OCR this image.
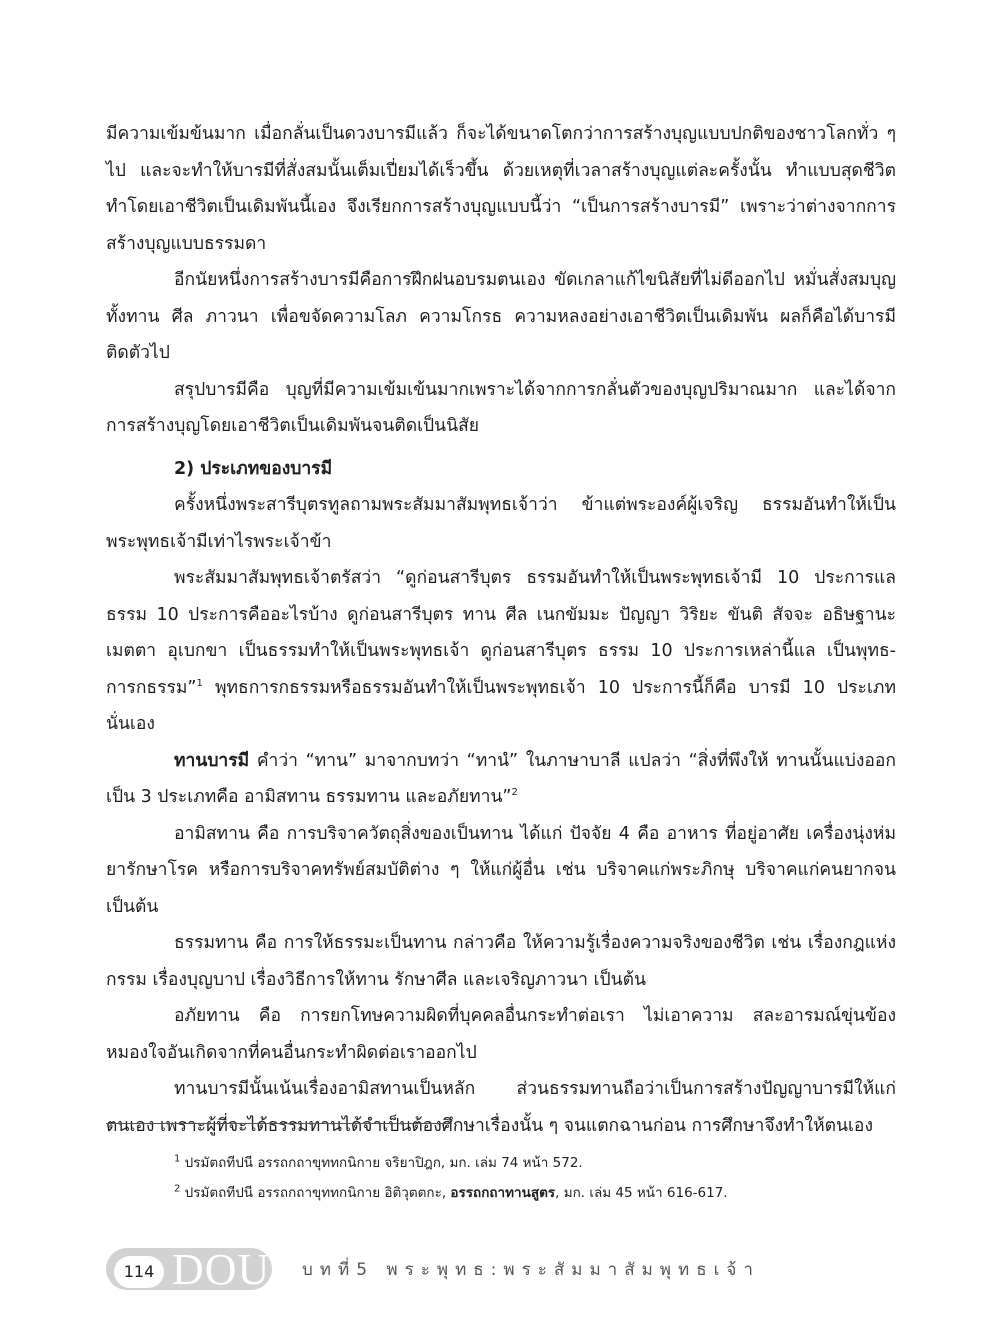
มีความเข้มข้นมาก เมื่อกลั่นเป็นดวงบารมีแล้ว ก็จะได้ขนาดโตกว่าการสร้างบุญแบบปกติของชาวโลกทั่ว ๆ ไป และจะทำให้บารมีที่สั่งสมนั้นเต็มเปี่ยมได้เร็วขึ้น ด้วยเหตุที่เวลาสร้างบุญแต่ละครั้งนั้น ทำแบบสุดชีวิต ทำโดยเอาชีวิตเป็นเดิมพันนี้เอง จึงเรียกการสร้างบุญแบบนี้ว่า “เป็นการสร้างบารมี” เพราะว่าต่างจากการสร้างบุญแบบธรรมดา

อีกนัยหนึ่งการสร้างบารมีคือการฝึกฝนอบรมตนเอง ขัดเกลาแก้ไขนิสัยที่ไม่ดีออกไป หมั่นสั่งสมบุญทั้งทาน ศีล ภาวนา เพื่อขจัดความโลภ ความโกรธ ความหลงอย่างเอาชีวิตเป็นเดิมพัน ผลก็คือได้บารมีติดตัวไป

สรุปบารมีคือ บุญที่มีความเข้มเข้นมากเพราะได้จากการกลั่นตัวของบุญปริมาณมาก และได้จากการสร้างบุญโดยเอาชีวิตเป็นเดิมพันจนติดเป็นนิสัย

2) ประเภทของบารมี

ครั้งหนึ่งพระสารีบุตรทูลถามพระสัมมาสัมพุทธเจ้าว่า ข้าแต่พระองค์ผู้เจริญ ธรรมอันทำให้เป็นพระพุทธเจ้ามีเท่าไรพระเจ้าข้า

พระสัมมาสัมพุทธเจ้าตรัสว่า “ดูก่อนสารีบุตร ธรรมอันทำให้เป็นพระพุทธเจ้ามี 10 ประการแลธรรม 10 ประการคืออะไรบ้าง ดูก่อนสารีบุตร ทาน ศีล เนกขัมมะ ปัญญา วิริยะ ขันติ สัจจะ อธิษฐานะ เมตตา อุเบกขา เป็นธรรมทำให้เป็นพระพุทธเจ้า ดูก่อนสารีบุตร ธรรม 10 ประการเหล่านี้แล เป็นพุทธ-การกธรรม”$^1$ พุทธการกธรรมหรือธรรมอันทำให้เป็นพระพุทธเจ้า 10 ประการนี้ก็คือ บารมี 10 ประเภทนั่นเอง

ทานบารมี คำว่า “ทาน” มาจากบทว่า “ทานํ” ในภาษาบาลี แปลว่า “สิ่งที่พึงให้ ทานนั้นแบ่งออกเป็น 3 ประเภทคือ อามิสทาน ธรรมทาน และอภัยทาน”$^2$

อามิสทาน คือ การบริจาควัตถุสิ่งของเป็นทาน ได้แก่ ปัจจัย 4 คือ อาหาร ที่อยู่อาศัย เครื่องนุ่งห่ม ยารักษาโรค หรือการบริจาคทรัพย์สมบัติต่าง ๆ ให้แก่ผู้อื่น เช่น บริจาคแก่พระภิกษุ บริจาคแก่คนยากจน เป็นต้น

ธรรมทาน คือ การให้ธรรมะเป็นทาน กล่าวคือ ให้ความรู้เรื่องความจริงของชีวิต เช่น เรื่องกฎแห่งกรรม เรื่องบุญบาป เรื่องวิธีการให้ทาน รักษาศีล และเจริญภาวนา เป็นต้น

อภัยทาน คือ การยกโทษความผิดที่บุคคลอื่นกระทำต่อเรา ไม่เอาความ สละอารมณ์ขุ่นข้องหมองใจอันเกิดจากที่คนอื่นกระทำผิดต่อเราออกไป

ทานบารมีนั้นเน้นเรื่องอามิสทานเป็นหลัก ส่วนธรรมทานถือว่าเป็นการสร้างปัญญาบารมีให้แก่ตนเอง เพราะผู้ที่จะได้ธรรมทานได้จำเป็นต้องศึกษาเรื่องนั้น ๆ จนแตกฉานก่อน การศึกษาจึงทำให้ตนเอง

$^1$ ปรมัตถทีปนี อรรถกถาขุททกนิกาย จริยาปิฎก, มก. เล่ม 74 หน้า 572.

$^2$ ปรมัตถทีปนี อรรถกถาขุททกนิกาย อิติวุตตกะ, อรรถกถาทานสูตร, มก. เล่ม 45 หน้า 616-617.

114 DOU บทที่5 พระพุทธ:พระสัมมาสัมพุทธเจ้า
